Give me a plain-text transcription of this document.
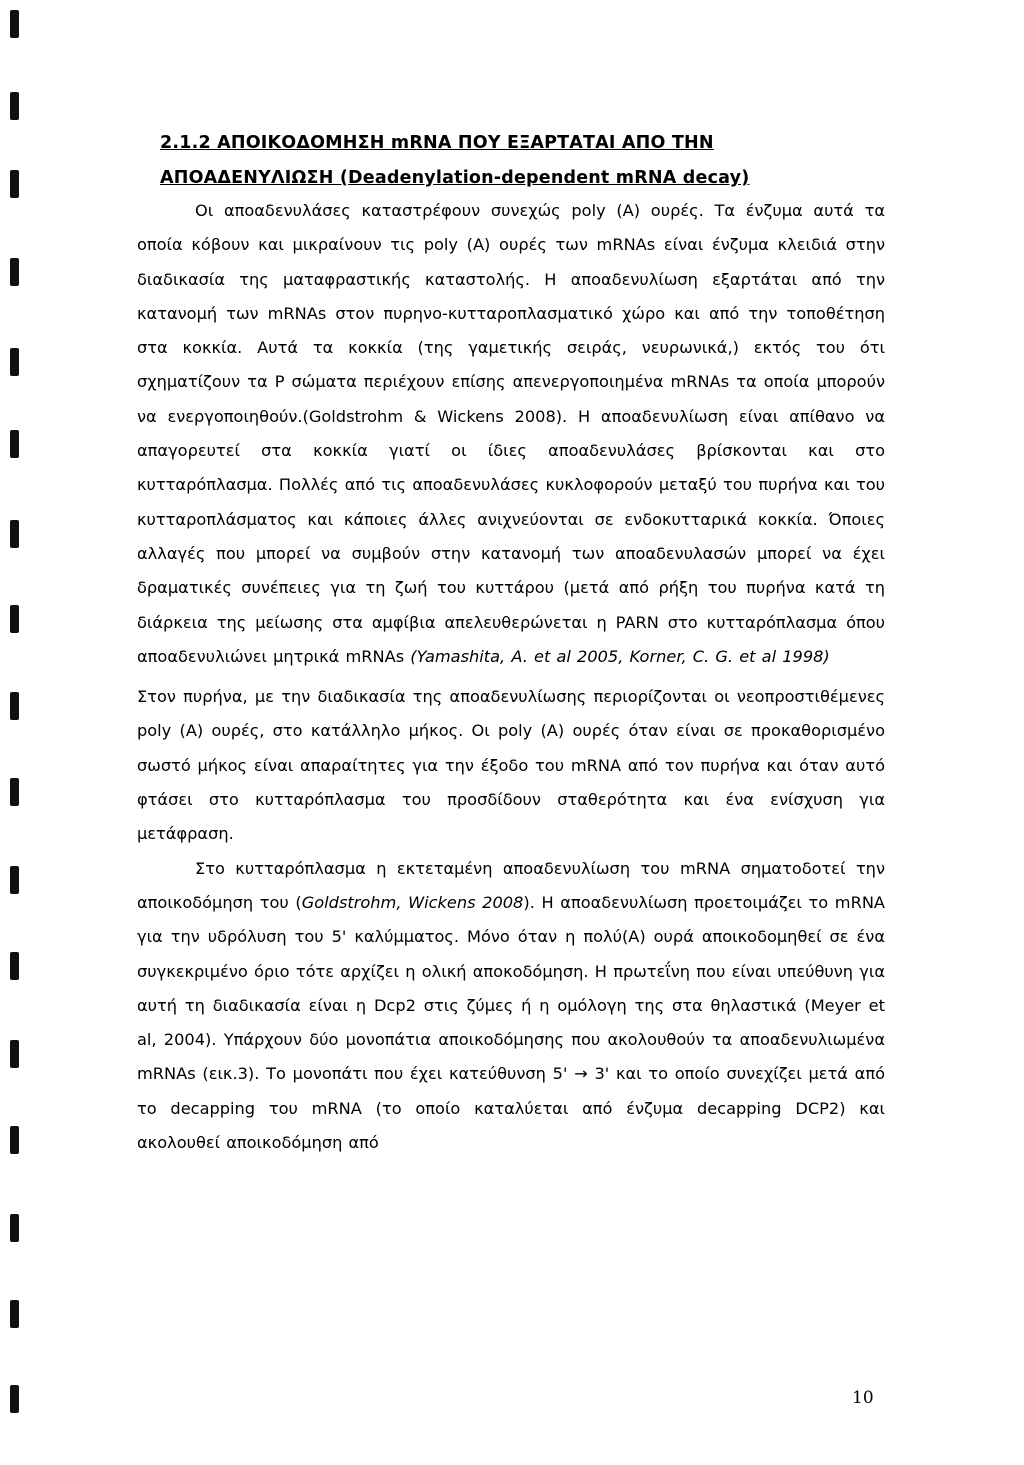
2.1.2 ΑΠΟΙΚΟΔΟΜΗΣΗ mRNA ΠΟΥ ΕΞΑΡΤΑΤΑΙ ΑΠΟ ΤΗΝ

ΑΠΟΑΔΕΝΥΛΙΩΣΗ (Deadenylation-dependent mRNA decay)

Οι αποαδενυλάσες καταστρέφουν συνεχώς poly (A) ουρές. Τα ένζυμα αυτά τα οποία κόβουν και μικραίνουν τις poly (A) ουρές των mRNAs είναι ένζυμα κλειδιά στην διαδικασία της ματαφραστικής καταστολής. Η αποαδενυλίωση εξαρτάται από την κατανομή των mRNAs στον πυρηνο-κυτταροπλασματικό χώρο και από την τοποθέτηση στα κοκκία. Αυτά τα κοκκία (της γαμετικής σειράς, νευρωνικά,) εκτός του ότι σχηματίζουν τα P σώματα περιέχουν επίσης απενεργοποιημένα mRNAs τα οποία μπορούν να ενεργοποιηθούν.(Goldstrohm & Wickens 2008). Η αποαδενυλίωση είναι απίθανο να απαγορευτεί στα κοκκία γιατί οι ίδιες αποαδενυλάσες βρίσκονται και στο κυτταρόπλασμα. Πολλές από τις αποαδενυλάσες κυκλοφορούν μεταξύ του πυρήνα και του κυτταροπλάσματος και κάποιες άλλες ανιχνεύονται σε ενδοκυτταρικά κοκκία. Όποιες αλλαγές που μπορεί να συμβούν στην κατανομή των αποαδενυλασών μπορεί να έχει δραματικές συνέπειες για τη ζωή του κυττάρου (μετά από ρήξη του πυρήνα κατά τη διάρκεια της μείωσης στα αμφίβια απελευθερώνεται η PARN στο κυτταρόπλασμα όπου αποαδενυλιώνει μητρικά mRNAs (Yamashita, A. et al 2005, Korner, C. G. et al 1998)

Στον πυρήνα, με την διαδικασία της αποαδενυλίωσης περιορίζονται οι νεοπροστιθέμενες poly (A) ουρές, στο κατάλληλο μήκος. Οι poly (A) ουρές όταν είναι σε προκαθορισμένο σωστό μήκος είναι απαραίτητες για την έξοδο του mRNA από τον πυρήνα και όταν αυτό φτάσει στο κυτταρόπλασμα του προσδίδουν σταθερότητα και ένα ενίσχυση για μετάφραση.

Στο κυτταρόπλασμα η εκτεταμένη αποαδενυλίωση του mRNA σηματοδοτεί την αποικοδόμηση του (Goldstrohm, Wickens 2008). Η αποαδενυλίωση προετοιμάζει το mRNA για την υδρόλυση του 5' καλύμματος. Μόνο όταν η πολύ(A) ουρά αποικοδομηθεί σε ένα συγκεκριμένο όριο τότε αρχίζει η ολική αποκοδόμηση. Η πρωτεΐνη που είναι υπεύθυνη για αυτή τη διαδικασία είναι η Dcp2 στις ζύμες ή η ομόλογη της στα θηλαστικά (Meyer et al, 2004). Υπάρχουν δύο μονοπάτια αποικοδόμησης που ακολουθούν τα αποαδενυλιωμένα mRNAs (εικ.3). Το μονοπάτι που έχει κατεύθυνση 5' → 3' και το οποίο συνεχίζει μετά από το decapping του mRNA (το οποίο καταλύεται από ένζυμα decapping DCP2) και ακολουθεί αποικοδόμηση από

10
